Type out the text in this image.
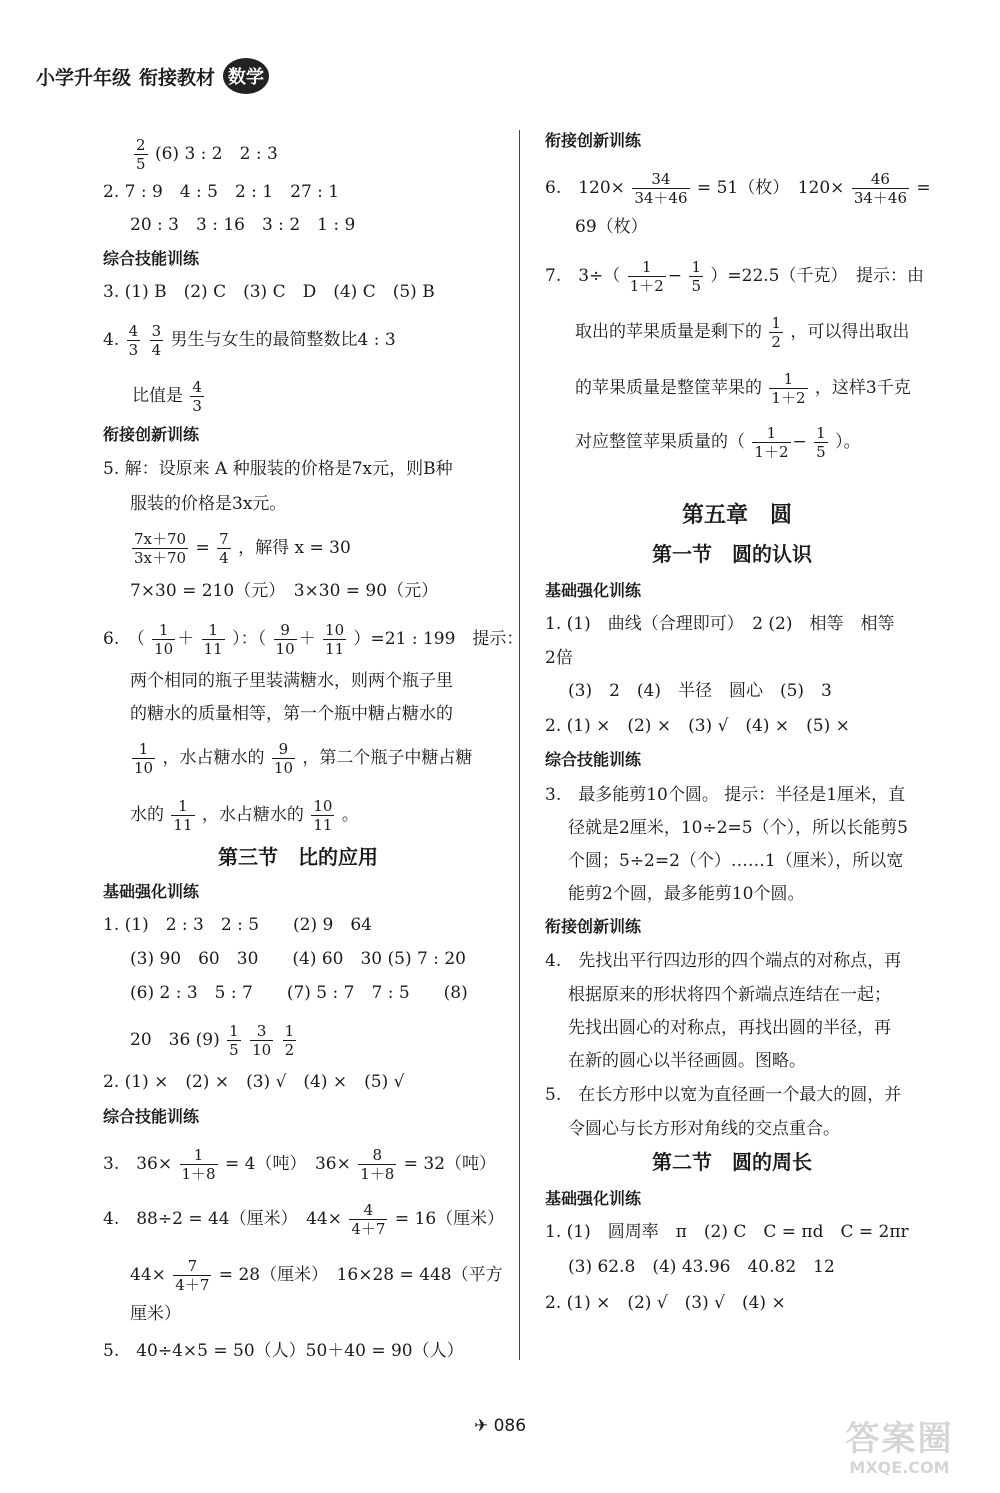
小学升年级 衔接教材 数学
$\frac{2}{5} (6)$ 3 : 2　2 : 3
2. 7 : 9　4 : 5　2 : 1　27 : 1
20 : 3　3 : 16　3 : 2　1 : 9
综合技能训练
3. (1) B　(2) C　(3) C　D　(4) C　(5) B
4. $\frac{4}{3}$
$\frac{3}{4}$ 男生与女生的最简整数比4 : 3
比值是 $\frac{4}{3}$
衔接创新训练
5. 解：设原来 A 种服装的价格是7x元，则B种
服装的价格是3x元。
$\frac{7x+70}{3x+70} = \frac{7}{4}$ ，解得 x = 30
7×30 = 210（元）　3×30 = 90（元）
6.　（ $\frac{1}{10} + \frac{1}{11}$ ）：（ $\frac{9}{10} + \frac{10}{11} )=21$ : 199　提示：
两个相同的瓶子里装满糖水，则两个瓶子里
的糖水的质量相等，第一个瓶中糖占糖水的
$\frac{1}{10}$ ，水占糖水的 $\frac{9}{10}$ ，第二个瓶子中糖占糖
水的 $\frac{1}{11}$ ，水占糖水的 $\frac{10}{11}$ 。
第三节　比的应用
基础强化训练
1. (1)　2 : 3　2 : 5　　(2) 9　64
(3) 90　60　30　　(4) 60　30 (5) 7 : 20
(6) 2 : 3　5 : 7　　(7) 5 : 7　7 : 5　　(8)
20　36 $(9) \frac{1}{5}$
$\frac{3}{10}$
$\frac{1}{2}$
2. (1) ×　(2) ×　(3) √　(4) ×　(5) √
综合技能训练
3.　$36\times \frac{1}{1+8} = 4$（吨）　$36\times \frac{8}{1+8} = 32$（吨）
4.　88÷2 = 44（厘米）　$44\times \frac{4}{4+7} = 16$（厘米）
$44\times \frac{7}{4+7} = 28$（厘米）　16×28 = 448（平方
厘米）
5.　40÷4×5 = 50（人）50＋40 = 90（人）
衔接创新训练
6.　$120\times \frac{34}{34+46} = 51$（枚）　$120\times \frac{46}{34+46}$ =
69（枚）
7.　$3\div( \frac{1}{1+2} - \frac{1}{5} )=22.5$（千克）　提示：由
取出的苹果质量是剩下的 $\frac{1}{2}$ ，可以得出取出
的苹果质量是整筐苹果的 $\frac{1}{1+2}$ ，这样3千克
对应整筐苹果质量的（ $\frac{1}{1+2} - \frac{1}{5}$ ）。
第五章　圆
第一节　圆的认识
基础强化训练
1. (1)　曲线（合理即可）　2 (2)　相等　相等
2倍
(3)　2　(4)　半径　圆心　(5)　3
2. (1) ×　(2) ×　(3) √　(4) ×　(5) ×
综合技能训练
3.　最多能剪10个圆。 提示：半径是1厘米，直
径就是2厘米，10÷2=5（个），所以长能剪5
个圆；5÷2=2（个）……1（厘米），所以宽
能剪2个圆，最多能剪10个圆。
衔接创新训练
4.　先找出平行四边形的四个端点的对称点，再
根据原来的形状将四个新端点连结在一起；
先找出圆心的对称点，再找出圆的半径，再
在新的圆心以半径画圆。图略。
5.　在长方形中以宽为直径画一个最大的圆，并
令圆心与长方形对角线的交点重合。
第二节　圆的周长
基础强化训练
1. (1)　圆周率　π　(2) C　C = πd　C = 2πr
(3) 62.8　(4) 43.96　40.82　12
2. (1) ×　(2) √　(3) √　(4) ×
✈ 086	答案圈
MXQE.COM
